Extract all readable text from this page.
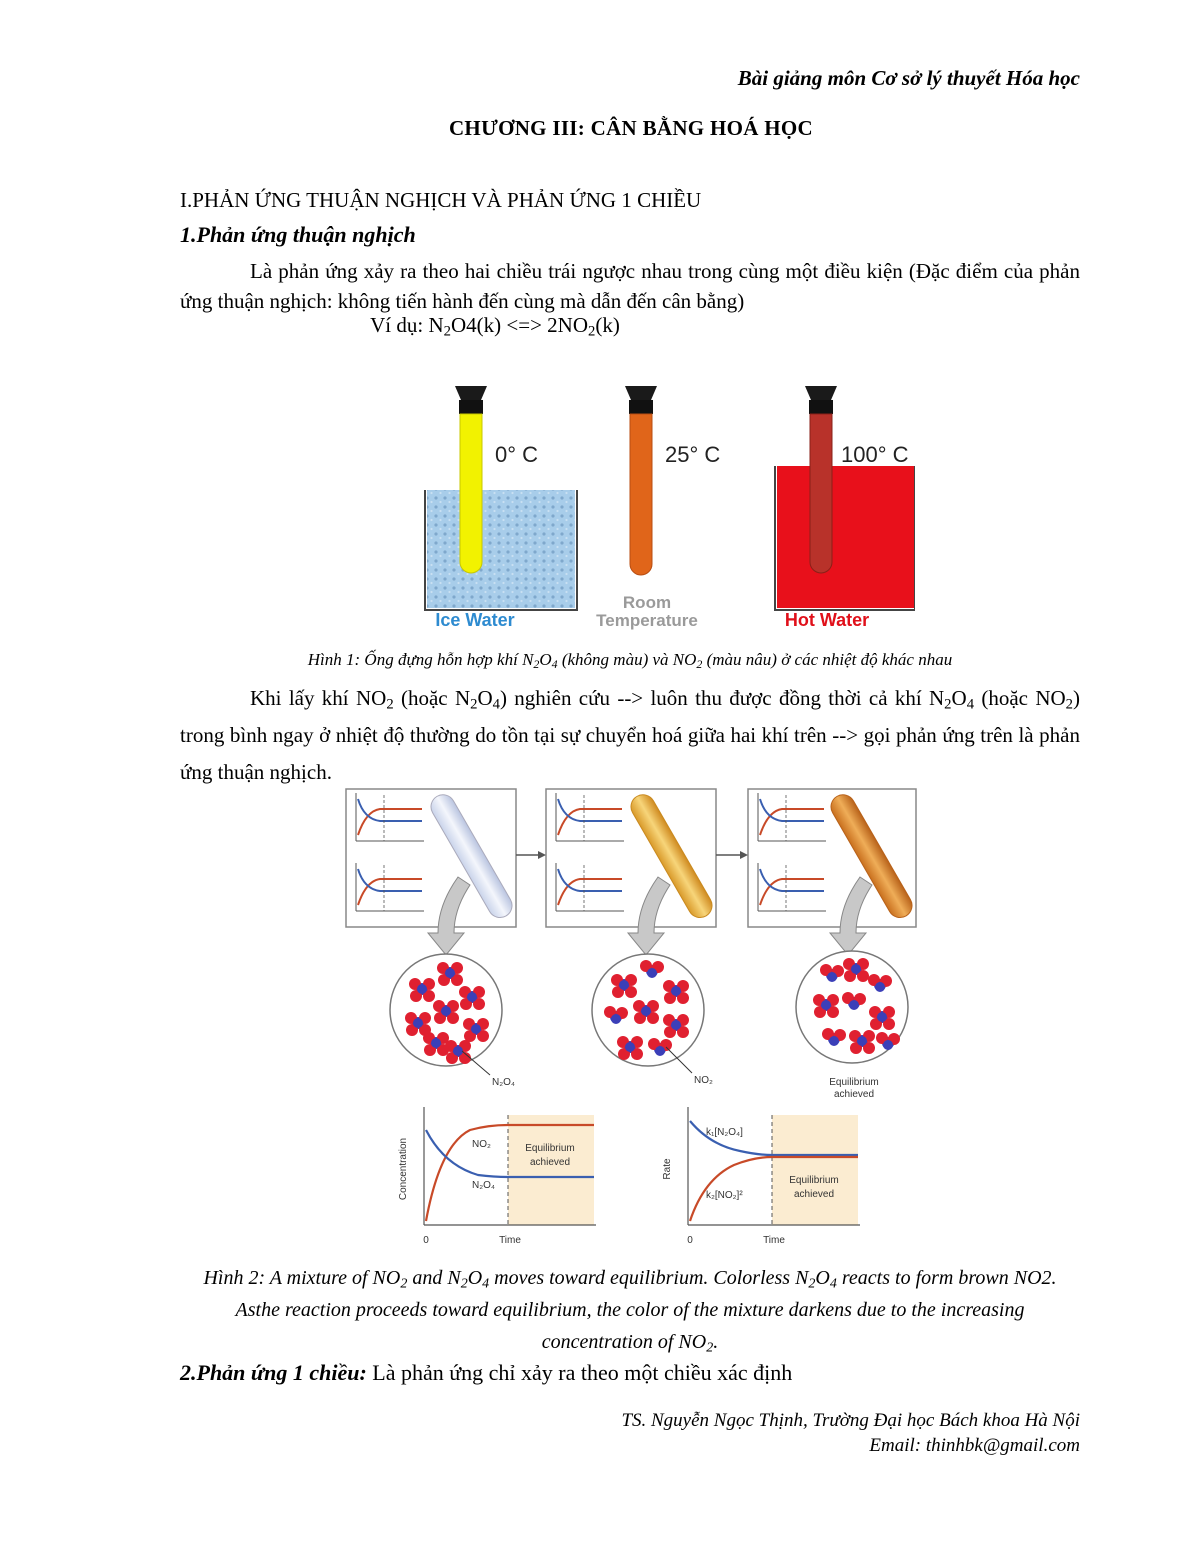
Bài giảng môn Cơ sở lý thuyết Hóa học
CHƯƠNG III: CÂN BẰNG HOÁ HỌC
I.PHẢN ỨNG THUẬN NGHỊCH VÀ PHẢN ỨNG 1 CHIỀU
1.Phản ứng thuận nghịch
Là phản ứng xảy ra theo hai chiều trái ngược nhau trong cùng một điều kiện (Đặc điểm của phản ứng thuận nghịch: không tiến hành đến cùng mà dẫn đến cân bằng)
Ví dụ: $N_2O4(k)$ <=> $2NO_2(k)$
0° C
Ice Water
25° C
Room
Temperature
100° C
Hot Water
Hình 1: Ống đựng hỗn hợp khí $N_2O_4$ (không màu) và $NO_2$ (màu nâu) ở các nhiệt độ khác nhau
Khi lấy khí $NO_2$ (hoặc $N_2O_4$) nghiên cứu --> luôn thu được đồng thời cả khí $N_2O_4$ (hoặc $NO_2$) trong bình ngay ở nhiệt độ thường do tồn tại sự chuyển hoá giữa hai khí trên --> gọi phản ứng trên là phản ứng thuận nghịch.
N₂O₄	NO₂	Equilibrium
achieved
Concentration
Time
0
NO₂
N₂O₄
Equilibrium
achieved	Rate
Time
0
k₁[N₂O₄]
k₂[NO₂]²
Equilibrium
achieved
Hình 2: A mixture of $NO_2$ and $N_2O_4$ moves toward equilibrium. Colorless $N_2O_4$ reacts to form brown NO2. Asthe reaction proceeds toward equilibrium, the color of the mixture darkens due to the increasing concentration of $NO_2$.
2.Phản ứng 1 chiều: Là phản ứng chỉ xảy ra theo một chiều xác định
TS. Nguyễn Ngọc Thịnh, Trường Đại học Bách khoa Hà Nội
Email: thinhbk@gmail.com
